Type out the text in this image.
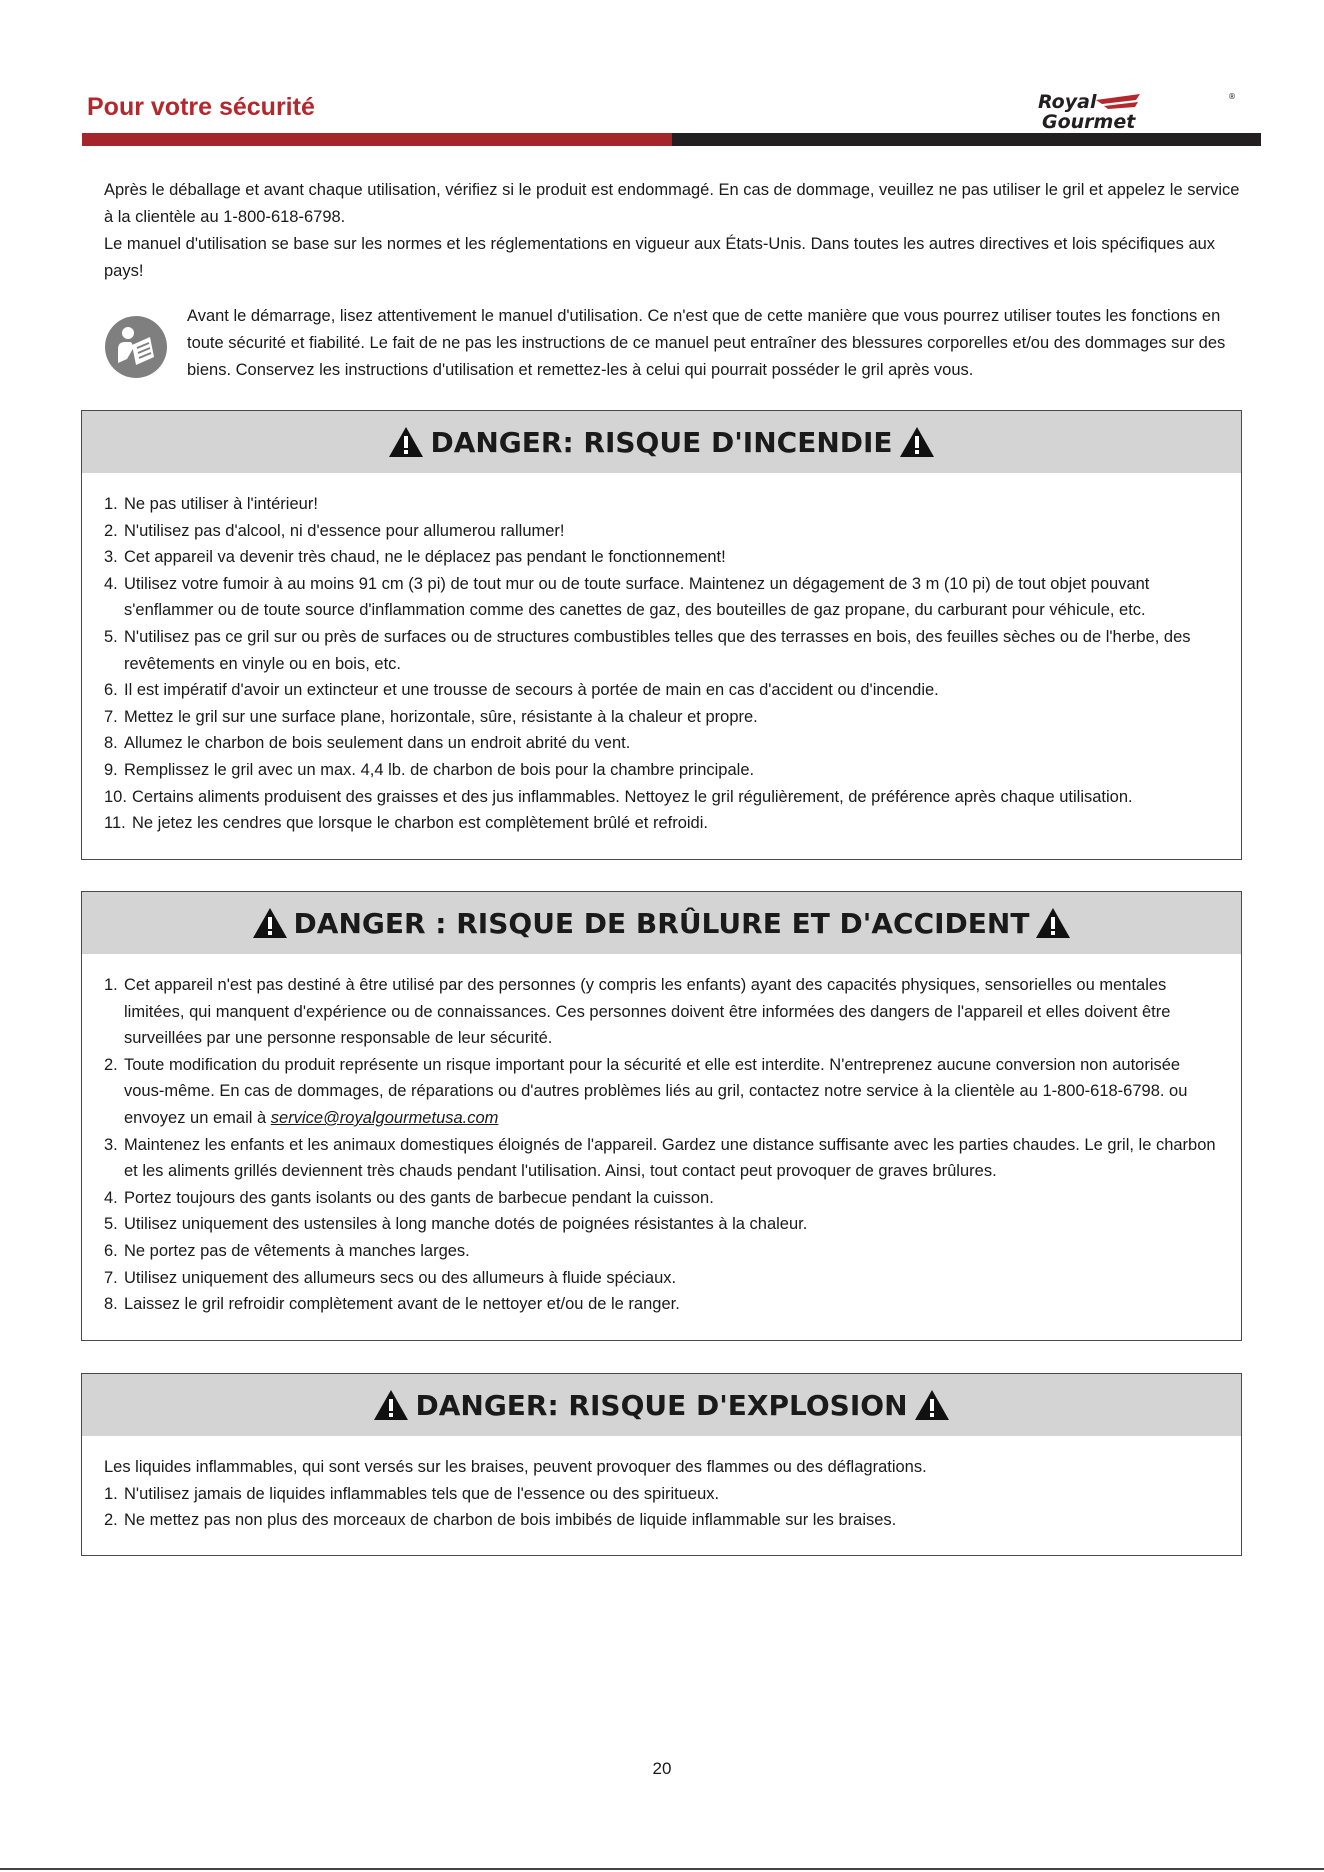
Pour votre sécurité	Royal
Gourmet
®

Après le déballage et avant chaque utilisation, vérifiez si le produit est endommagé. En cas de dommage, veuillez ne pas utiliser le gril et appelez le service à la clientèle au 1-800-618-6798.

Le manuel d'utilisation se base sur les normes et les réglementations en vigueur aux États-Unis. Dans toutes les autres directives et lois spécifiques aux pays!

Avant le démarrage, lisez attentivement le manuel d'utilisation. Ce n'est que de cette manière que vous pourrez utiliser toutes les fonctions en toute sécurité et fiabilité. Le fait de ne pas les instructions de ce manuel peut entraîner des blessures corporelles et/ou des dommages sur des biens. Conservez les instructions d'utilisation et remettez-les à celui qui pourrait posséder le gril après vous.

DANGER: RISQUE D'INCENDIE
1. Ne pas utiliser à l'intérieur!
2. N'utilisez pas d'alcool, ni d'essence pour allumerou rallumer!
3. Cet appareil va devenir très chaud, ne le déplacez pas pendant le fonctionnement!
4. Utilisez votre fumoir à au moins 91 cm (3 pi) de tout mur ou de toute surface. Maintenez un dégagement de 3 m (10 pi) de tout objet pouvant s'enflammer ou de toute source d'inflammation comme des canettes de gaz, des bouteilles de gaz propane, du carburant pour véhicule, etc.
5. N'utilisez pas ce gril sur ou près de surfaces ou de structures combustibles telles que des terrasses en bois, des feuilles sèches ou de l'herbe, des revêtements en vinyle ou en bois, etc.
6. Il est impératif d'avoir un extincteur et une trousse de secours à portée de main en cas d'accident ou d'incendie.
7. Mettez le gril sur une surface plane, horizontale, sûre, résistante à la chaleur et propre.
8. Allumez le charbon de bois seulement dans un endroit abrité du vent.
9. Remplissez le gril avec un max. 4,4 lb. de charbon de bois pour la chambre principale.
10. Certains aliments produisent des graisses et des jus inflammables. Nettoyez le gril régulièrement, de préférence après chaque utilisation.
11. Ne jetez les cendres que lorsque le charbon est complètement brûlé et refroidi.
DANGER : RISQUE DE BRÛLURE ET D'ACCIDENT
1. Cet appareil n'est pas destiné à être utilisé par des personnes (y compris les enfants) ayant des capacités physiques, sensorielles ou mentales limitées, qui manquent d'expérience ou de connaissances. Ces personnes doivent être informées des dangers de l'appareil et elles doivent être surveillées par une personne responsable de leur sécurité.
2. Toute modification du produit représente un risque important pour la sécurité et elle est interdite. N'entreprenez aucune conversion non autorisée vous-même. En cas de dommages, de réparations ou d'autres problèmes liés au gril, contactez notre service à la clientèle au 1-800-618-6798. ou envoyez un email à service@royalgourmetusa.com
3. Maintenez les enfants et les animaux domestiques éloignés de l'appareil. Gardez une distance suffisante avec les parties chaudes. Le gril, le charbon et les aliments grillés deviennent très chauds pendant l'utilisation. Ainsi, tout contact peut provoquer de graves brûlures.
4. Portez toujours des gants isolants ou des gants de barbecue pendant la cuisson.
5. Utilisez uniquement des ustensiles à long manche dotés de poignées résistantes à la chaleur.
6. Ne portez pas de vêtements à manches larges.
7. Utilisez uniquement des allumeurs secs ou des allumeurs à fluide spéciaux.
8. Laissez le gril refroidir complètement avant de le nettoyer et/ou de le ranger.
DANGER: RISQUE D'EXPLOSION

Les liquides inflammables, qui sont versés sur les braises, peuvent provoquer des flammes ou des déflagrations.

1. N'utilisez jamais de liquides inflammables tels que de l'essence ou des spiritueux.
2. Ne mettez pas non plus des morceaux de charbon de bois imbibés de liquide inflammable sur les braises.
20
